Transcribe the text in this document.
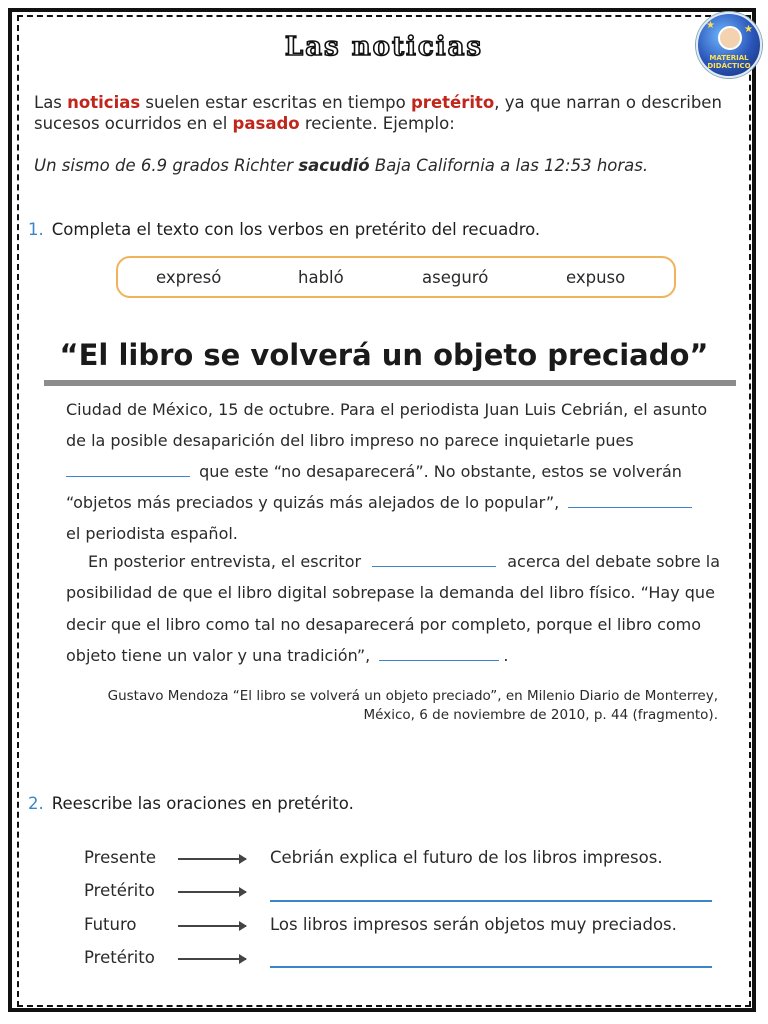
Las noticias
★	★
MATERIAL DIDÁCTICO
Las noticias suelen estar escritas en tiempo pretérito, ya que narran o describen sucesos ocurridos en el pasado reciente. Ejemplo:
Un sismo de 6.9 grados Richter sacudió Baja California a las 12:53 horas.
1. Completa el texto con los verbos en pretérito del recuadro.
expresó	habló	aseguró	expuso
“El libro se volverá un objeto preciado”
Ciudad de México, 15 de octubre. Para el periodista Juan Luis Cebrián, el asunto
de la posible desaparición del libro impreso no parece inquietarle pues
que este “no desaparecerá”. No obstante, estos se volverán
“objetos más preciados y quizás más alejados de lo popular”,
el periodista español.
En posterior entrevista, el escritor	acerca del debate sobre la
posibilidad de que el libro digital sobrepase la demanda del libro físico. “Hay que
decir que el libro como tal no desaparecerá por completo, porque el libro como
objeto tiene un valor y una tradición”,	.
Gustavo Mendoza “El libro se volverá un objeto preciado”, en Milenio Diario de Monterrey,
México, 6 de noviembre de 2010, p. 44 (fragmento).
2. Reescribe las oraciones en pretérito.
Presente	Cebrián explica el futuro de los libros impresos.
Pretérito
Futuro	Los libros impresos serán objetos muy preciados.
Pretérito
